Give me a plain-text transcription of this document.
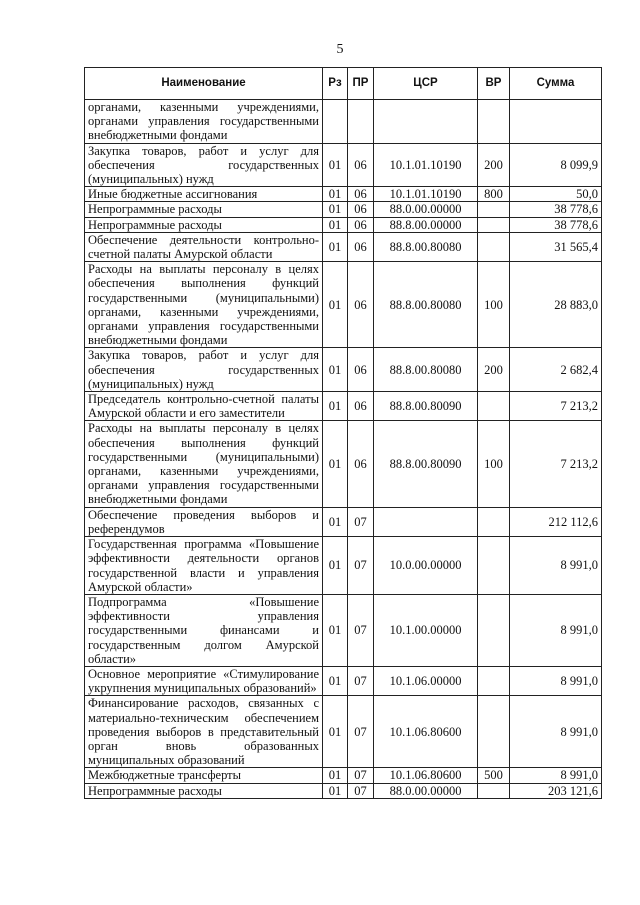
5
Наименование	Рз	ПР	ЦСР	ВР	Сумма
органами, казенными учреждениями, органами управления государственными внебюджетными фондами					
Закупка товаров, работ и услуг для обеспечения государственных (муниципальных) нужд	01	06	10.1.01.10190	200	8 099,9
Иные бюджетные ассигнования	01	06	10.1.01.10190	800	50,0
Непрограммные расходы	01	06	88.0.00.00000		38 778,6
Непрограммные расходы	01	06	88.8.00.00000		38 778,6
Обеспечение деятельности контрольно-счетной палаты Амурской области	01	06	88.8.00.80080		31 565,4
Расходы на выплаты персоналу в целях обеспечения выполнения функций государственными (муниципальными) органами, казенными учреждениями, органами управления государственными внебюджетными фондами	01	06	88.8.00.80080	100	28 883,0
Закупка товаров, работ и услуг для обеспечения государственных (муниципальных) нужд	01	06	88.8.00.80080	200	2 682,4
Председатель контрольно-счетной палаты Амурской области и его заместители	01	06	88.8.00.80090		7 213,2
Расходы на выплаты персоналу в целях обеспечения выполнения функций государственными (муниципальными) органами, казенными учреждениями, органами управления государственными внебюджетными фондами	01	06	88.8.00.80090	100	7 213,2
Обеспечение проведения выборов и референдумов	01	07			212 112,6
Государственная программа «Повышение эффективности деятельности органов государственной власти и управления Амурской области»	01	07	10.0.00.00000		8 991,0
Подпрограмма «Повышение эффективности управления государственными финансами и государственным долгом Амурской области»	01	07	10.1.00.00000		8 991,0
Основное мероприятие «Стимулирование укрупнения муниципальных образований»	01	07	10.1.06.00000		8 991,0
Финансирование расходов, связанных с материально-техническим обеспечением проведения выборов в представительный орган вновь образованных муниципальных образований	01	07	10.1.06.80600		8 991,0
Межбюджетные трансферты	01	07	10.1.06.80600	500	8 991,0
Непрограммные расходы	01	07	88.0.00.00000		203 121,6
